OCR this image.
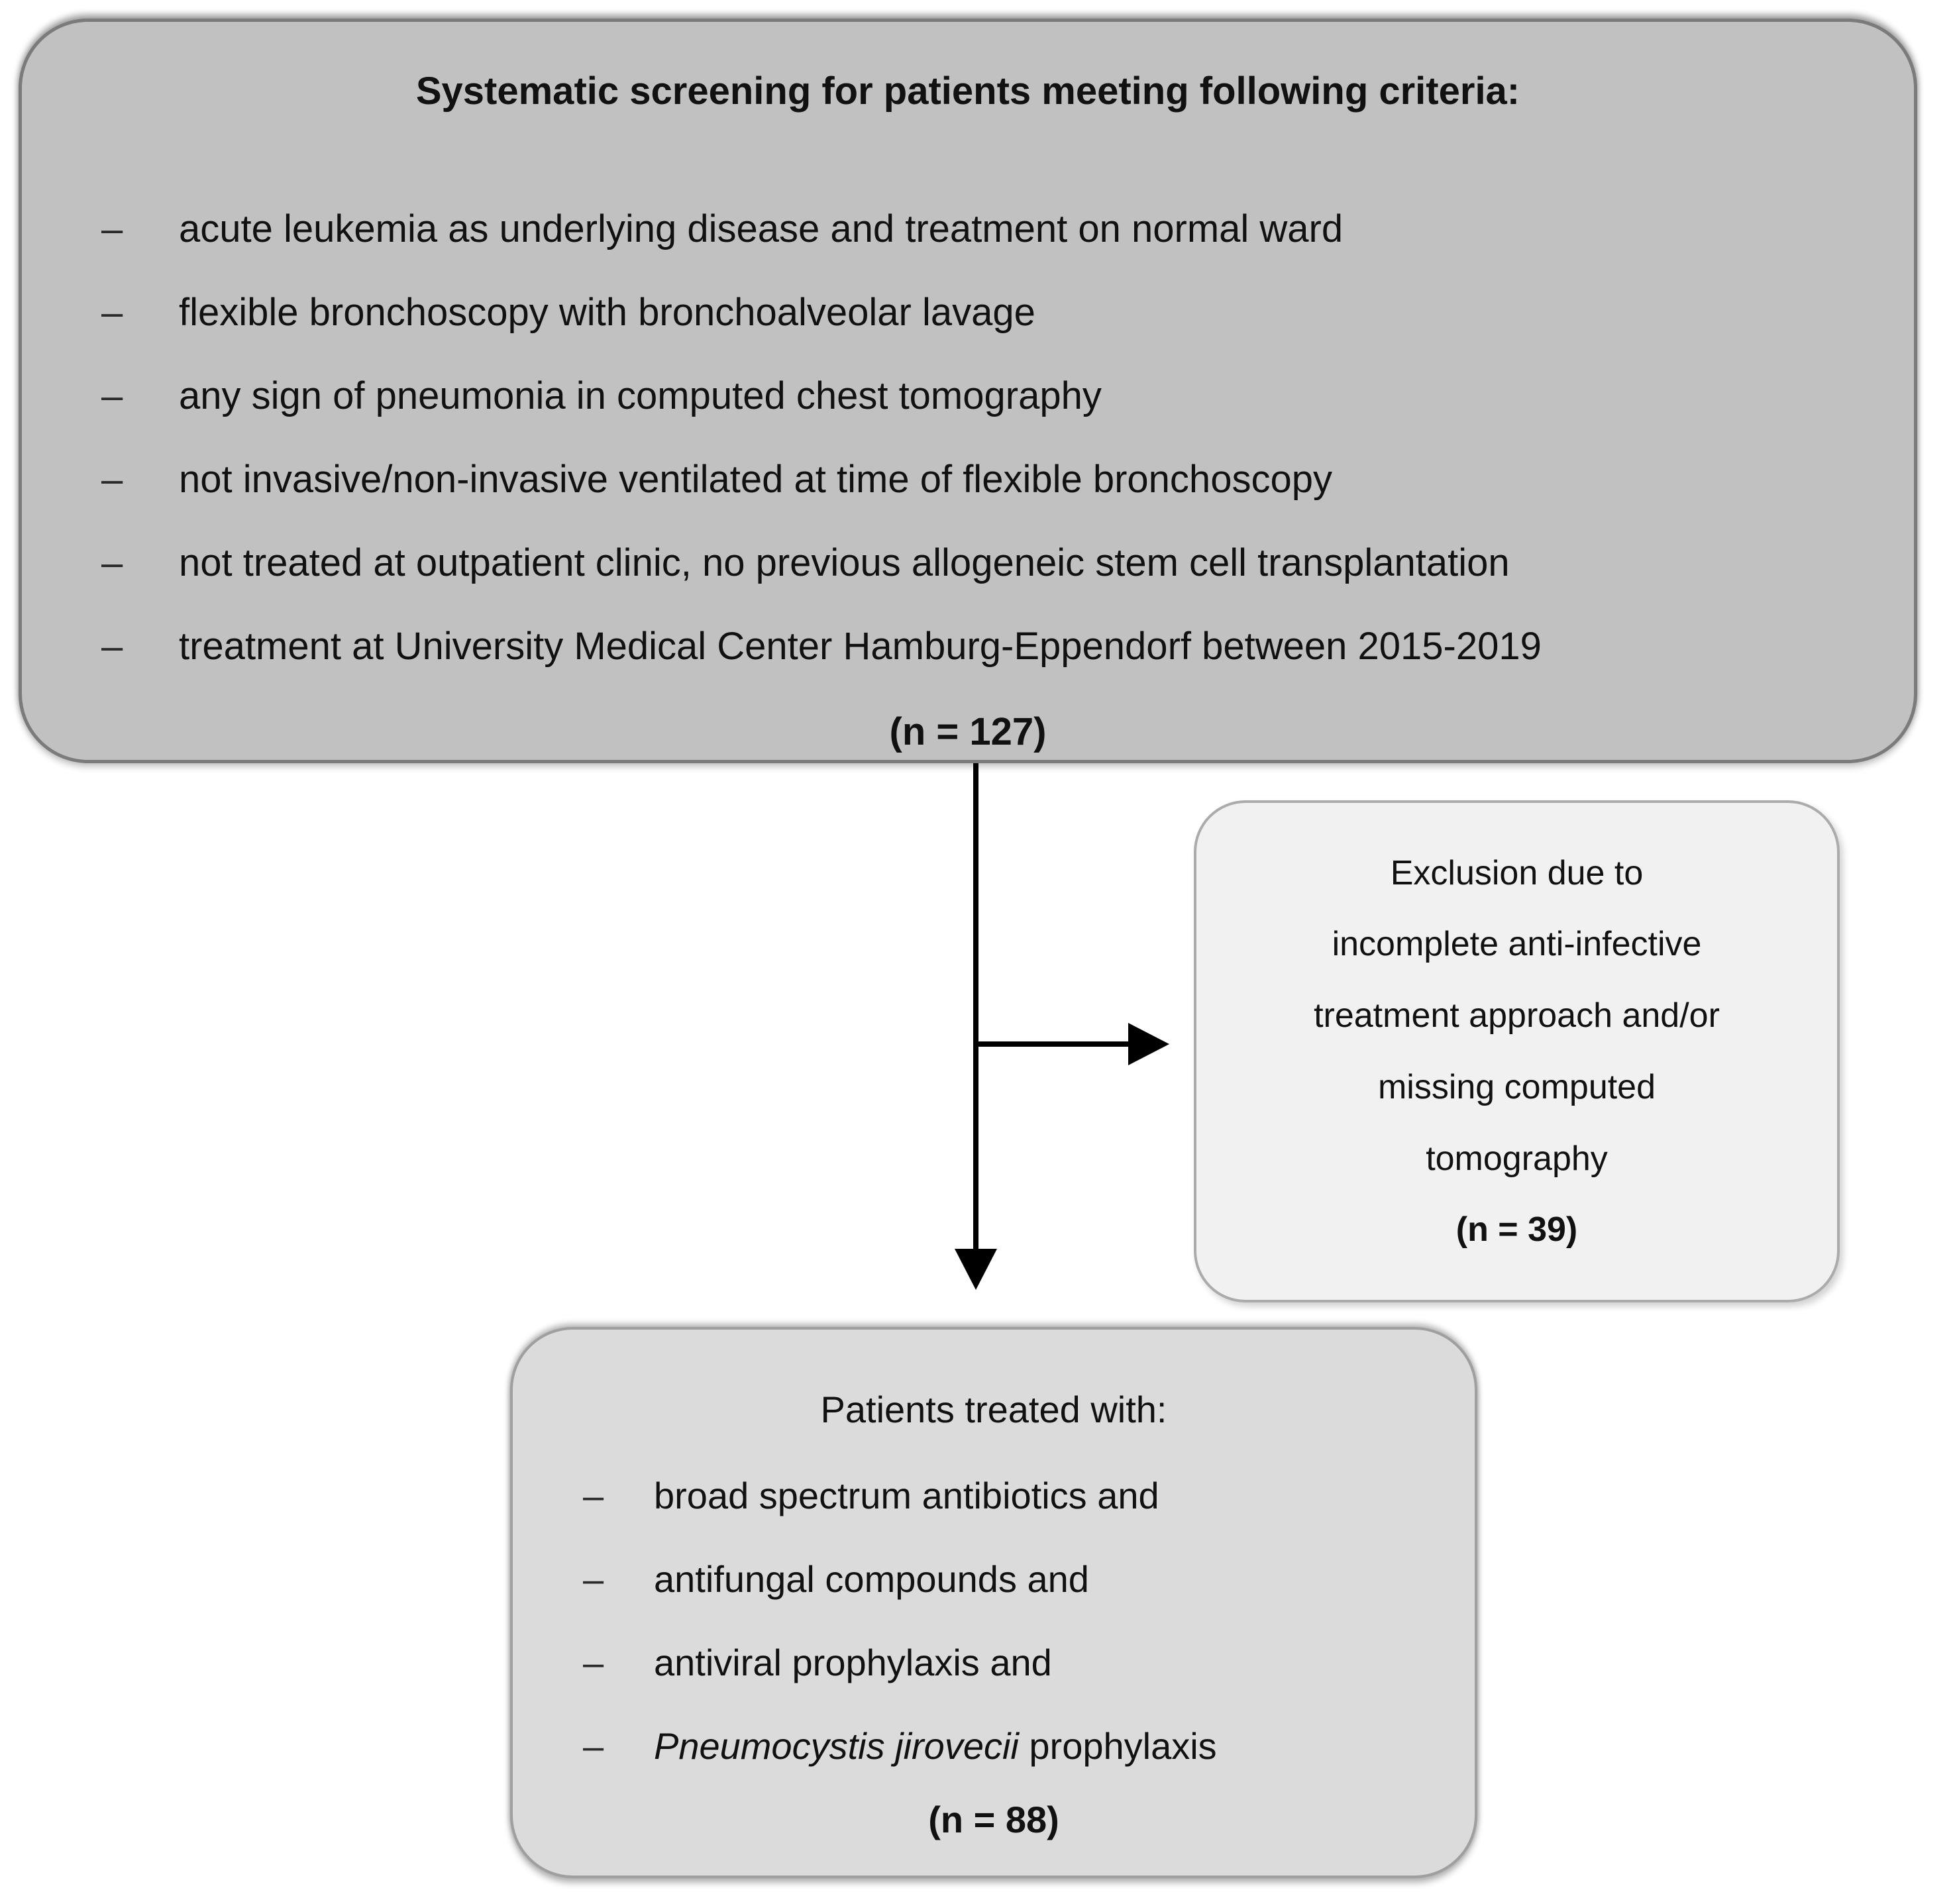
Systematic screening for patients meeting following criteria:
–	acute leukemia as underlying disease and treatment on normal ward
–	flexible bronchoscopy with bronchoalveolar lavage
–	any sign of pneumonia in computed chest tomography
–	not invasive/non-invasive ventilated at time of flexible bronchoscopy
–	not treated at outpatient clinic, no previous allogeneic stem cell transplantation
–	treatment at University Medical Center Hamburg-Eppendorf between 2015-2019
(n = 127)
Exclusion due to
incomplete anti-infective
treatment approach and/or
missing computed
tomography
(n = 39)
Patients treated with:
–	broad spectrum antibiotics and
–	antifungal compounds and
–	antiviral prophylaxis and
–	Pneumocystis jirovecii prophylaxis
(n = 88)
